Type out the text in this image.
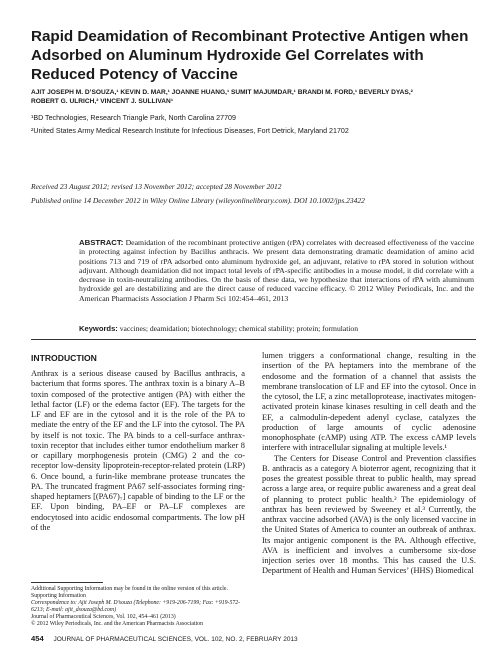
Rapid Deamidation of Recombinant Protective Antigen when Adsorbed on Aluminum Hydroxide Gel Correlates with Reduced Potency of Vaccine
AJIT JOSEPH M. D’SOUZA,¹ KEVIN D. MAR,¹ JOANNE HUANG,¹ SUMIT MAJUMDAR,¹ BRANDI M. FORD,¹ BEVERLY DYAS,²
ROBERT G. ULRICH,² VINCENT J. SULLIVAN¹

¹BD Technologies, Research Triangle Park, North Carolina 27709

²United States Army Medical Research Institute for Infectious Diseases, Fort Detrick, Maryland 21702

Received 23 August 2012; revised 13 November 2012; accepted 28 November 2012

Published online 14 December 2012 in Wiley Online Library (wileyonlinelibrary.com). DOI 10.1002/jps.23422

ABSTRACT: Deamidation of the recombinant protective antigen (rPA) correlates with decreased effectiveness of the vaccine in protecting against infection by Bacillus anthracis. We present data demonstrating dramatic deamidation of amino acid positions 713 and 719 of rPA adsorbed onto aluminum hydroxide gel, an adjuvant, relative to rPA stored in solution without adjuvant. Although deamidation did not impact total levels of rPA-specific antibodies in a mouse model, it did correlate with a decrease in toxin-neutralizing antibodies. On the basis of these data, we hypothesize that interactions of rPA with aluminum hydroxide gel are destabilizing and are the direct cause of reduced vaccine efficacy. © 2012 Wiley Periodicals, Inc. and the American Pharmacists Association J Pharm Sci 102:454–461, 2013
Keywords: vaccines; deamidation; biotechnology; chemical stability; protein; formulation
INTRODUCTION

Anthrax is a serious disease caused by Bacillus anthracis, a bacterium that forms spores. The anthrax toxin is a binary A–B toxin composed of the protective antigen (PA) with either the lethal factor (LF) or the edema factor (EF). The targets for the LF and EF are in the cytosol and it is the role of the PA to mediate the entry of the EF and the LF into the cytosol. The PA by itself is not toxic. The PA binds to a cell-surface anthrax-toxin receptor that includes either tumor endothelium marker 8 or capillary morphogenesis protein (CMG) 2 and the co-receptor low-density lipoprotein-receptor-related protein (LRP) 6. Once bound, a furin-like membrane protease truncates the PA. The truncated fragment PA67 self-associates forming ring-shaped heptamers [(PA67)₇] capable of binding to the LF or the EF. Upon binding, PA–EF or PA–LF complexes are endocytosed into acidic endosomal compartments. The low pH of the

lumen triggers a conformational change, resulting in the insertion of the PA heptamers into the membrane of the endosome and the formation of a channel that assists the membrane translocation of LF and EF into the cytosol. Once in the cytosol, the LF, a zinc metalloprotease, inactivates mitogen-activated protein kinase kinases resulting in cell death and the EF, a calmodulin-depedent adenyl cyclase, catalyzes the production of large amounts of cyclic adenosine monophosphate (cAMP) using ATP. The excess cAMP levels interfere with intracellular signaling at multiple levels.¹

The Centers for Disease Control and Prevention classifies B. anthracis as a category A bioterror agent, recognizing that it poses the greatest possible threat to public health, may spread across a large area, or require public awareness and a great deal of planning to protect public health.² The epidemiology of anthrax has been reviewed by Sweeney et al.³ Currently, the anthrax vaccine adsorbed (AVA) is the only licensed vaccine in the United States of America to counter an outbreak of anthrax. Its major antigenic component is the PA. Although effective, AVA is inefficient and involves a cumbersome six-dose injection series over 18 months. This has caused the U.S. Department of Health and Human Services’ (HHS) Biomedical

Additional Supporting Information may be found in the online version of this article. Supporting Information

Correspondence to: Ajit Joseph M. D’souza (Telephone: +919-206-7199; Fax: +919-572-6213; E-mail: ajit_dsouza@bd.com)

Journal of Pharmaceutical Sciences, Vol. 102, 454–461 (2013)

© 2012 Wiley Periodicals, Inc. and the American Pharmacists Association

454 JOURNAL OF PHARMACEUTICAL SCIENCES, VOL. 102, NO. 2, FEBRUARY 2013
